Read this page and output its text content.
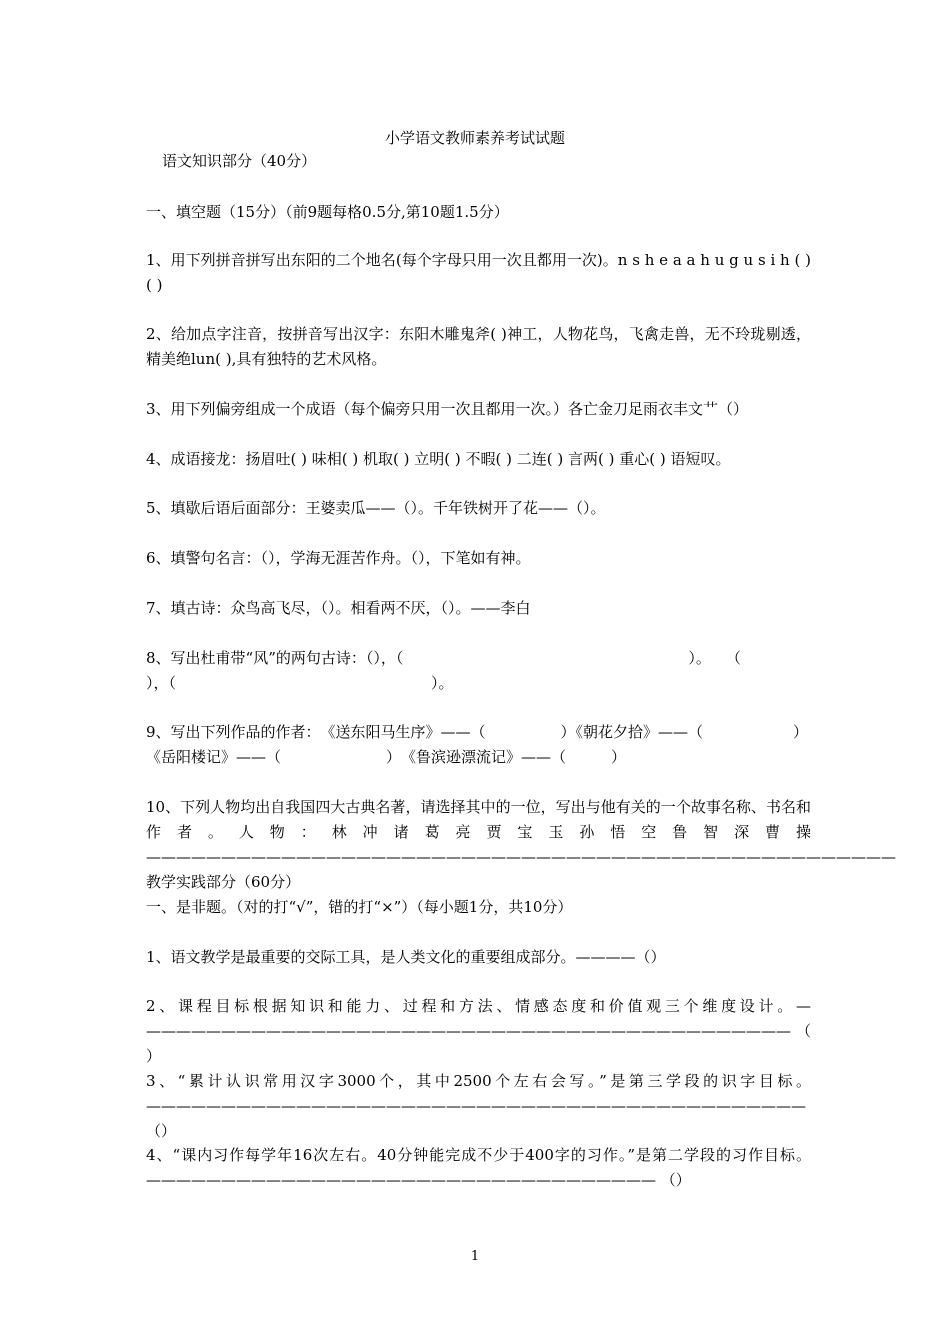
小学语文教师素养考试试题
语文知识部分（40分）
一、填空题（15分）（前9题每格0.5分,第10题1.5分）
1、用下列拼音拼写出东阳的二个地名(每个字母只用一次且都用一次)。n s h e a a h u g u s i h ( )( )
2、给加点字注音，按拼音写出汉字：东阳木雕鬼斧( )神工，人物花鸟，飞禽走兽，无不玲珑剔透，精美绝lun( ),具有独特的艺术风格。
3、用下列偏旁组成一个成语（每个偏旁只用一次且都用一次。）各亡金刀足雨衣丰文艹（）
4、成语接龙：扬眉吐( ) 味相( ) 机取( ) 立明( ) 不暇( ) 二连( ) 言两( ) 重心( ) 语短叹。
5、填歇后语后面部分：王婆卖瓜——（）。千年铁树开了花——（）。
6、填警句名言：（），学海无涯苦作舟。（），下笔如有神。
7、填古诗：众鸟高飞尽，（）。相看两不厌，（）。——李白
8、写出杜甫带“风”的两句古诗：（），（　　　　　　　　　　　　　　　　　　　）。　　（
），（　　　　　　　　　　　　　　　　　）。
9、写出下列作品的作者：　《送东阳马生序》——（　　　　　）《朝花夕拾》——（　　　　　　）
《岳阳楼记》——（　　　　　　　）　《鲁滨逊漂流记》——（　　　）
10、下列人物均出自我国四大古典名著，请选择其中的一位，写出与他有关的一个故事名称、书名和作者。人物：林冲诸葛亮贾宝玉孙悟空鲁智深曹操——————————————————————————————————————————————————教学实践部分（60分）
一、是非题。（对的打“√”，错的打“×”）（每小题1分，共10分）
1、语文教学是最重要的交际工具，是人类文化的重要组成部分。————（）
2、课程目标根据知识和能力、过程和方法、情感态度和价值观三个维度设计。— ———————————————————————————————————————————（　　）
3、“累计认识常用汉字3000个，其中2500个左右会写。”是第三学段的识字目标。———————————————————————————————————————————— （）
4、“课内习作每学年16次左右。40分钟能完成不少于400字的习作。”是第二学段的习作目标。—————————————————————————————————— （）
1
